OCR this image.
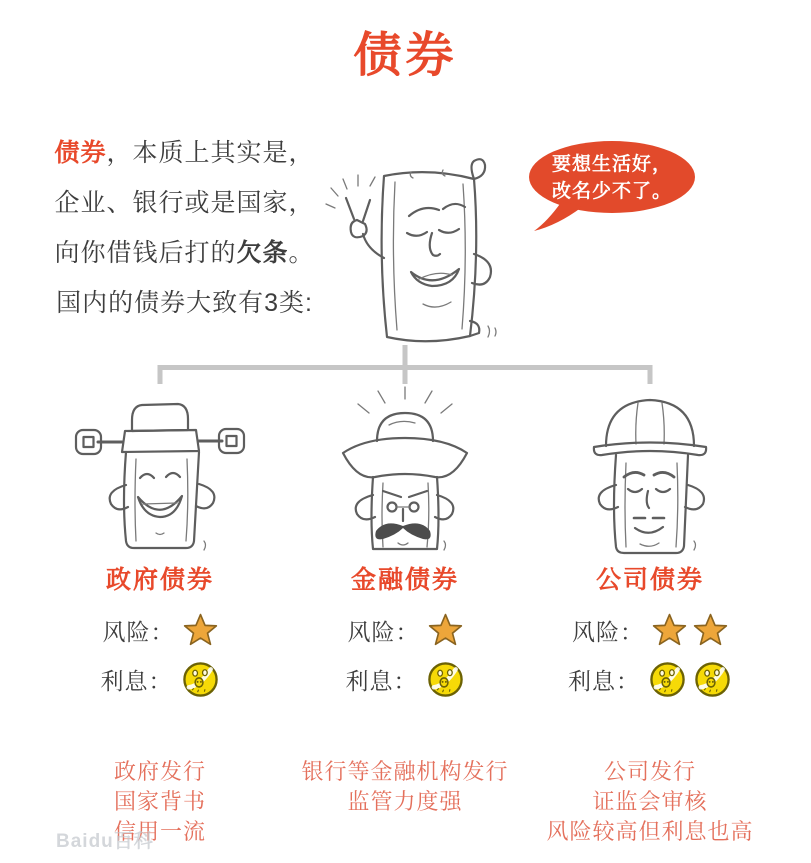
债券
债券，本质上其实是，
企业、银行或是国家，
向你借钱后打的欠条。
国内的债券大致有3类:
要想生活好，
改名少不了。
政府债券
风险：
利息：
政府发行
国家背书
信用一流
金融债券
风险：
利息：
银行等金融机构发行
监管力度强
公司债券
风险：
利息：
公司发行
证监会审核
风险较高但利息也高
Baidu百科
